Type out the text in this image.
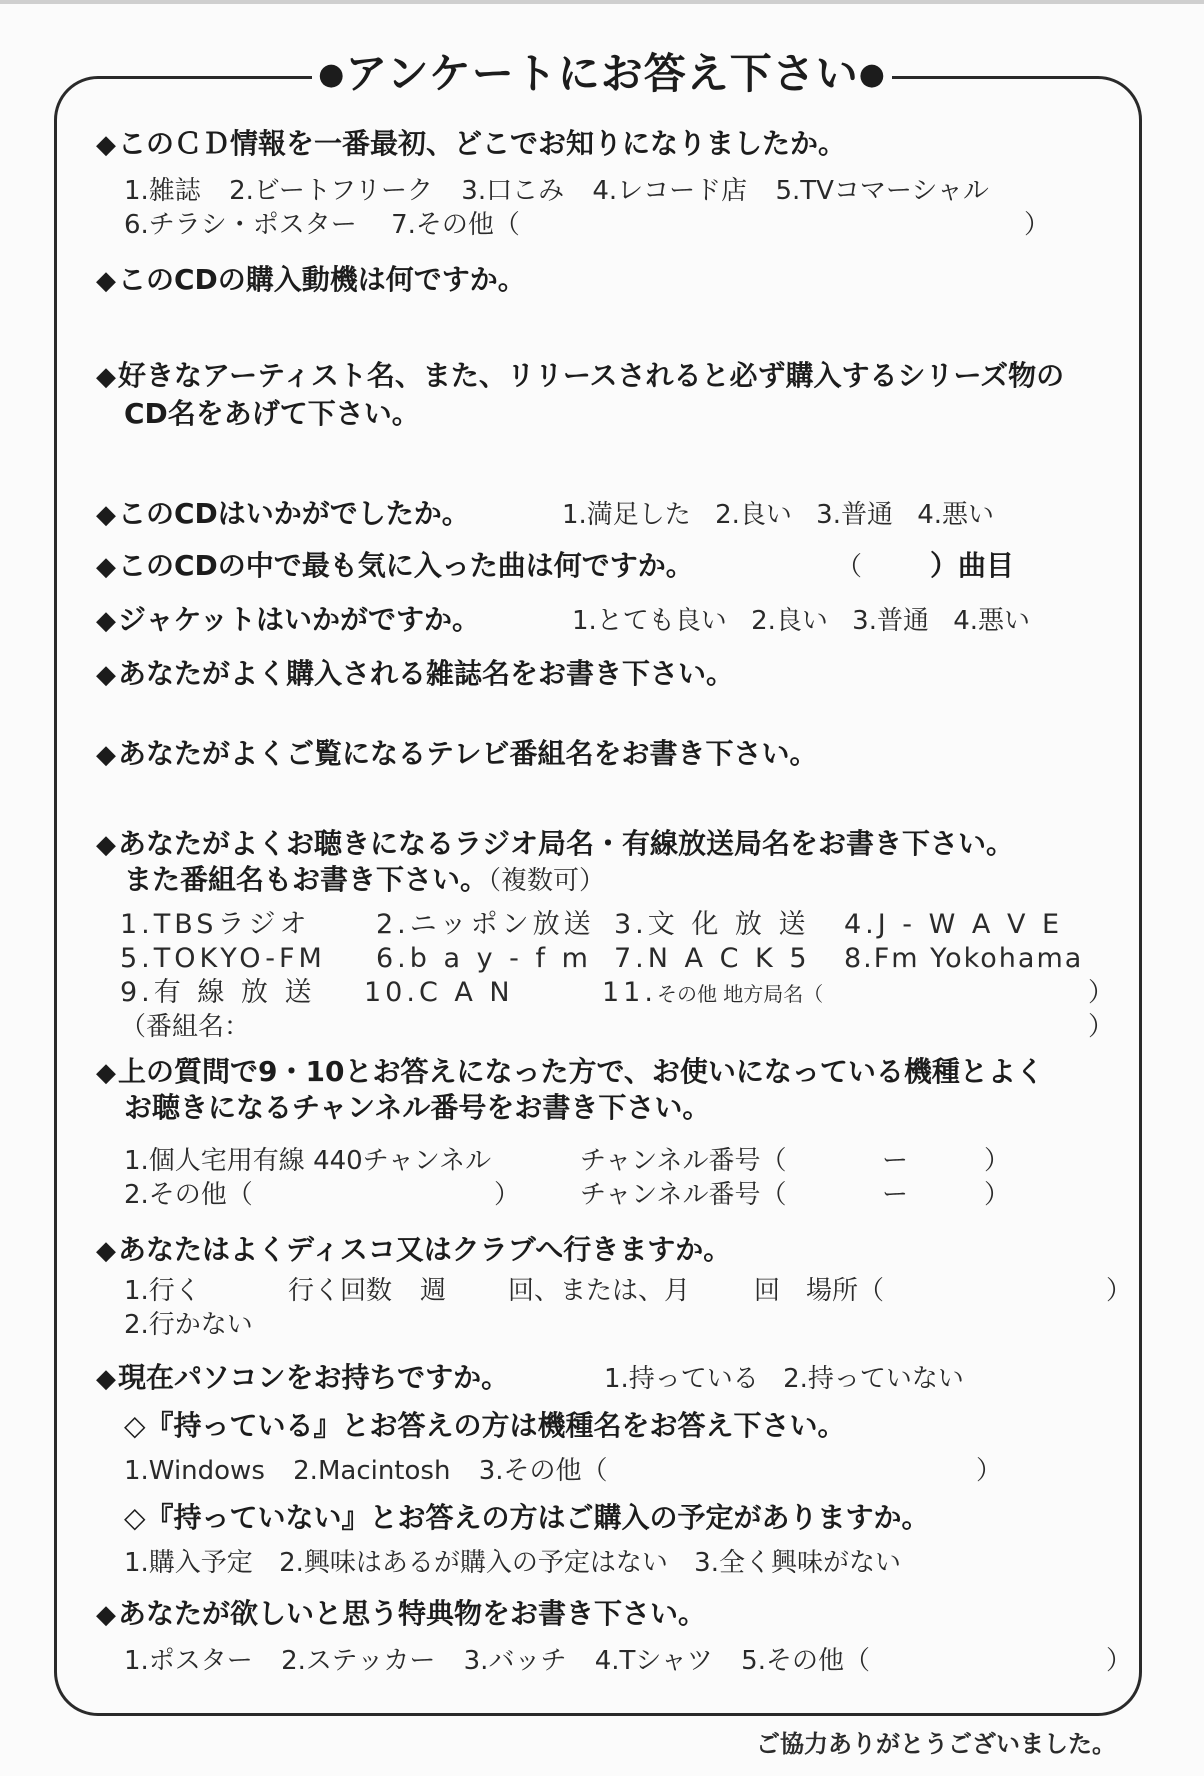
●アンケートにお答え下さい●
◆このＣＤ情報を一番最初、どこでお知りになりましたか。
1.雑誌 2.ビートフリーク 3.口こみ 4.レコード店 5.TVコマーシャル
6.チラシ・ポスター 7.その他（	）
◆このCDの購入動機は何ですか。
◆好きなアーティスト名、また、リリースされると必ず購入するシリーズ物の
CD名をあげて下さい。
◆このCDはいかがでしたか。	1.満足した 2.良い 3.普通 4.悪い
◆このCDの中で最も気に入った曲は何ですか。	（ ）曲目
◆ジャケットはいかがですか。	1.とても良い 2.良い 3.普通 4.悪い
◆あなたがよく購入される雑誌名をお書き下さい。
◆あなたがよくご覧になるテレビ番組名をお書き下さい。
◆あなたがよくお聴きになるラジオ局名・有線放送局名をお書き下さい。
また番組名もお書き下さい。（複数可）
1.TBSラジオ 2.ニッポン放送 3.文 化 放 送 4.J - W A V E
5.TOKYO-FM 6.b a y - f m 7.N A C K 5 8.Fm Yokohama
9.有 線 放 送 10.C A N	11.その他 地方局名（	）
（番組名：	）
◆上の質問で9・10とお答えになった方で、お使いになっている機種とよく
お聴きになるチャンネル番号をお書き下さい。
1.個人宅用有線 440チャンネル	チャンネル番号（	ー	）
2.その他（	） チャンネル番号（	ー	）
◆あなたはよくディスコ又はクラブへ行きますか。
1.行く	行く回数 週 回、または、月 回 場所（	）
2.行かない
◆現在パソコンをお持ちですか。	1.持っている 2.持っていない
◇『持っている』とお答えの方は機種名をお答え下さい。
1.Windows 2.Macintosh 3.その他（	）
◇『持っていない』とお答えの方はご購入の予定がありますか。
1.購入予定 2.興味はあるが購入の予定はない 3.全く興味がない
◆あなたが欲しいと思う特典物をお書き下さい。
1.ポスター 2.ステッカー 3.バッチ 4.Tシャツ 5.その他（	）
ご協力ありがとうございました。
